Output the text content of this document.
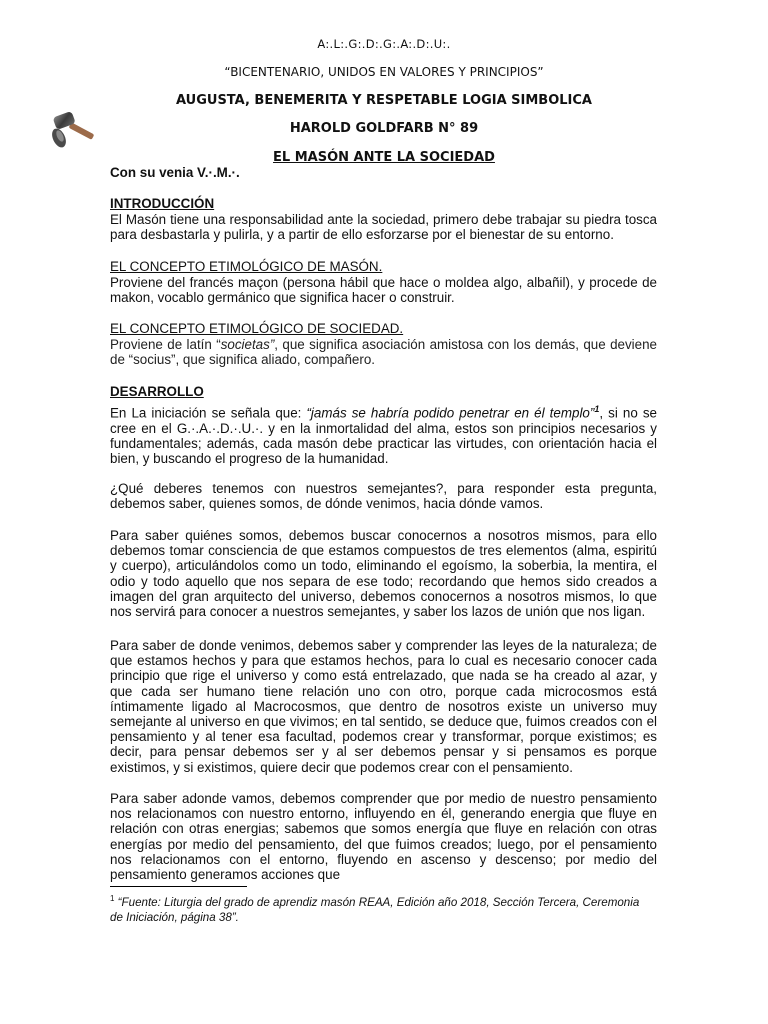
A:.L:.G:.D:.G:.A:.D:.U:.
“BICENTENARIO, UNIDOS EN VALORES Y PRINCIPIOS”
AUGUSTA, BENEMERITA Y RESPETABLE LOGIA SIMBOLICA
HAROLD GOLDFARB N° 89
EL MASÓN ANTE LA SOCIEDAD
Con su venia V.·.M.·.
INTRODUCCIÓN
El Masón tiene una responsabilidad ante la sociedad, primero debe trabajar su piedra tosca para desbastarla y pulirla, y a partir de ello esforzarse por el bienestar de su entorno.
EL CONCEPTO ETIMOLÓGICO DE MASÓN.
Proviene del francés maçon (persona hábil que hace o moldea algo, albañil), y procede de makon, vocablo germánico que significa hacer o construir.
EL CONCEPTO ETIMOLÓGICO DE SOCIEDAD.
Proviene de latín “societas”, que significa asociación amistosa con los demás, que deviene de “socius”, que significa aliado, compañero.
DESARROLLO
En La iniciación se señala que: “jamás se habría podido penetrar en él templo”$^1$, si no se cree en el G.·.A.·.D.·.U.·. y en la inmortalidad del alma, estos son principios necesarios y fundamentales; además, cada masón debe practicar las virtudes, con orientación hacia el bien, y buscando el progreso de la humanidad.
¿Qué deberes tenemos con nuestros semejantes?, para responder esta pregunta, debemos saber, quienes somos, de dónde venimos, hacia dónde vamos.
Para saber quiénes somos, debemos buscar conocernos a nosotros mismos, para ello debemos tomar consciencia de que estamos compuestos de tres elementos (alma, espiritú y cuerpo), articulándolos como un todo, eliminando el egoísmo, la soberbia, la mentira, el odio y todo aquello que nos separa de ese todo; recordando que hemos sido creados a imagen del gran arquitecto del universo, debemos conocernos a nosotros mismos, lo que nos servirá para conocer a nuestros semejantes, y saber los lazos de unión que nos ligan.
Para saber de donde venimos, debemos saber y comprender las leyes de la naturaleza; de que estamos hechos y para que estamos hechos, para lo cual es necesario conocer cada principio que rige el universo y como está entrelazado, que nada se ha creado al azar, y que cada ser humano tiene relación uno con otro, porque cada microcosmos está íntimamente ligado al Macrocosmos, que dentro de nosotros existe un universo muy semejante al universo en que vivimos; en tal sentido, se deduce que, fuimos creados con el pensamiento y al tener esa facultad, podemos crear y transformar, porque existimos; es decir, para pensar debemos ser y al ser debemos pensar y si pensamos es porque existimos, y si existimos, quiere decir que podemos crear con el pensamiento.
Para saber adonde vamos, debemos comprender que por medio de nuestro pensamiento nos relacionamos con nuestro entorno, influyendo en él, generando energia que fluye en relación con otras energias; sabemos que somos energía que fluye en relación con otras energías por medio del pensamiento, del que fuimos creados; luego, por el pensamiento nos relacionamos con el entorno, fluyendo en ascenso y descenso; por medio del pensamiento generamos acciones que
$^1$ “Fuente: Liturgia del grado de aprendiz masón REAA, Edición año 2018, Sección Tercera, Ceremonia de Iniciación, página 38”.
